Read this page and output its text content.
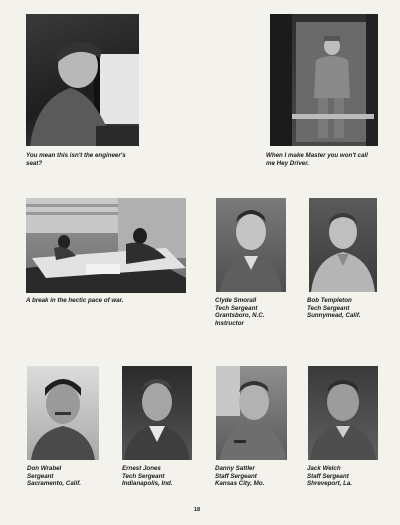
You mean this isn't the engineer's
seat?
When I make Master you won't call
me Hey Driver.
A break in the hectic pace of war.	Clyde Smorall
Tech Sergeant
Grantsboro, N.C.
Instructor
Bob Templeton
Tech Sergeant
Sunnymead, Calif.
Don Wrabel
Sergeant
Sacramento, Calif.
Ernest Jones
Tech Sergeant
Indianapolis, Ind.
Danny Sattler
Staff Sergeant
Kansas City, Mo.
Jack Welch
Staff Sergeant
Shreveport, La.
18
